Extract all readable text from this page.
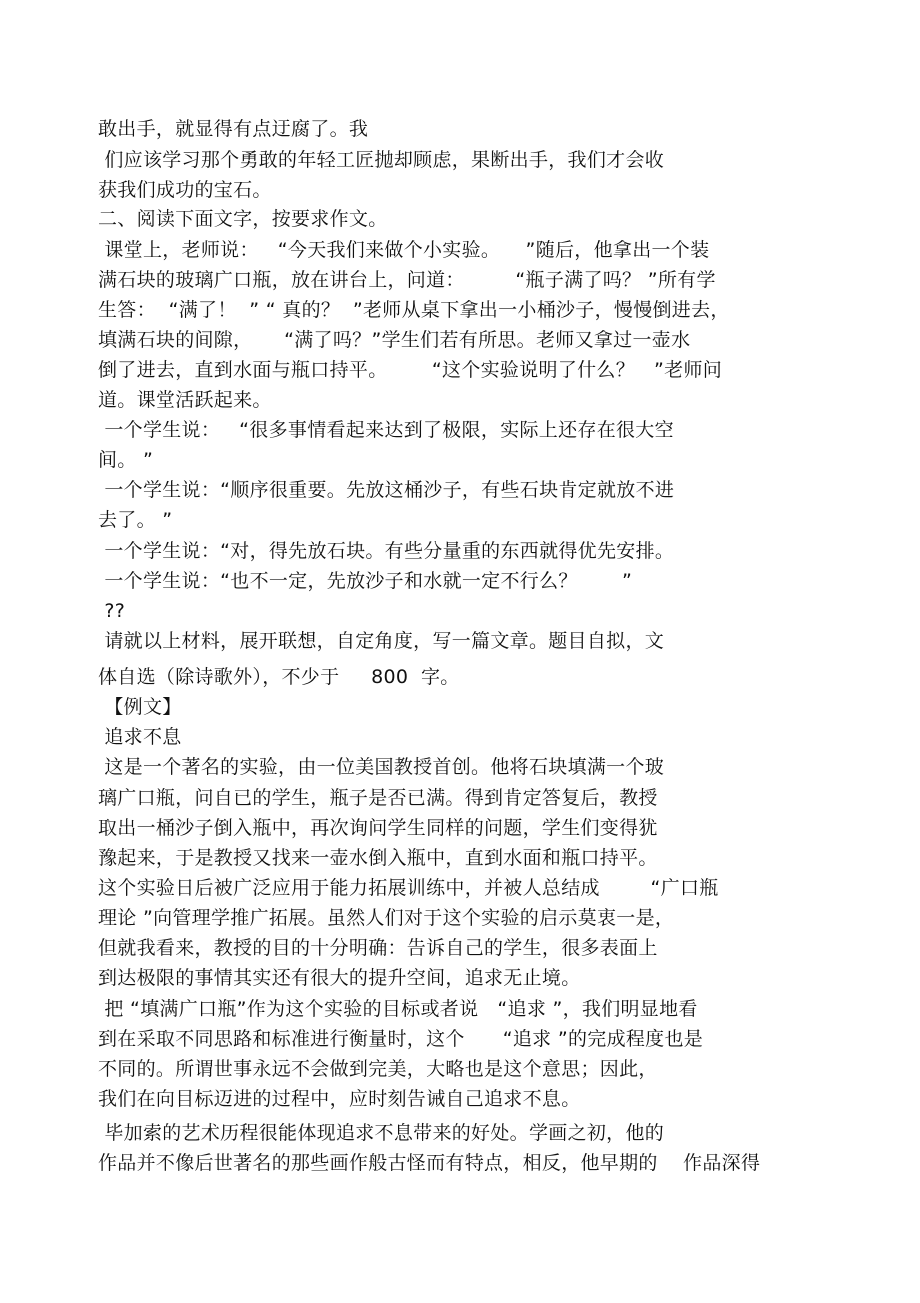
敢出手，就显得有点迂腐了。我
们应该学习那个勇敢的年轻工匠抛却顾虑，果断出手，我们才会收
获我们成功的宝石。
二、阅读下面文字，按要求作文。
课堂上，老师说：   “今天我们来做个小实验。    ”随后，他拿出一个装
满石块的玻璃广口瓶，放在讲台上，问道：        “瓶子满了吗？ ”所有学
生答：  “满了！  ” “ 真的？  ”老师从桌下拿出一小桶沙子，慢慢倒进去，
填满石块的间隙，     “满了吗？”学生们若有所思。老师又拿过一壶水
倒了进去，直到水面与瓶口持平。       “这个实验说明了什么？   ”老师问
道。课堂活跃起来。
一个学生说：   “很多事情看起来达到了极限，实际上还存在很大空
间。 ”
一个学生说：“顺序很重要。先放这桶沙子，有些石块肯定就放不进
去了。 ”
一个学生说：“对，得先放石块。有些分量重的东西就得优先安排。
一个学生说：“也不一定，先放沙子和水就一定不行么？       ”
??
请就以上材料，展开联想，自定角度，写一篇文章。题目自拟，文
体自选（除诗歌外），不少于     800  字。
【例文】
追求不息
这是一个著名的实验，由一位美国教授首创。他将石块填满一个玻
璃广口瓶，问自已的学生，瓶子是否已满。得到肯定答复后，教授
取出一桶沙子倒入瓶中，再次询问学生同样的问题，学生们变得犹
豫起来，于是教授又找来一壶水倒入瓶中，直到水面和瓶口持平。
这个实验日后被广泛应用于能力拓展训练中，并被人总结成        “广口瓶
理论 ”向管理学推广拓展。虽然人们对于这个实验的启示莫衷一是，
但就我看来，教授的目的十分明确：告诉自己的学生，很多表面上
到达极限的事情其实还有很大的提升空间，追求无止境。
把 “填满广口瓶”作为这个实验的目标或者说   “追求 ”，我们明显地看
到在采取不同思路和标准进行衡量时，这个      “追求 ”的完成程度也是
不同的。所谓世事永远不会做到完美，大略也是这个意思；因此，
我们在向目标迈进的过程中，应时刻告诫自己追求不息。
毕加索的艺术历程很能体现追求不息带来的好处。学画之初，他的
作品并不像后世著名的那些画作般古怪而有特点，相反，他早期的    作品深得
